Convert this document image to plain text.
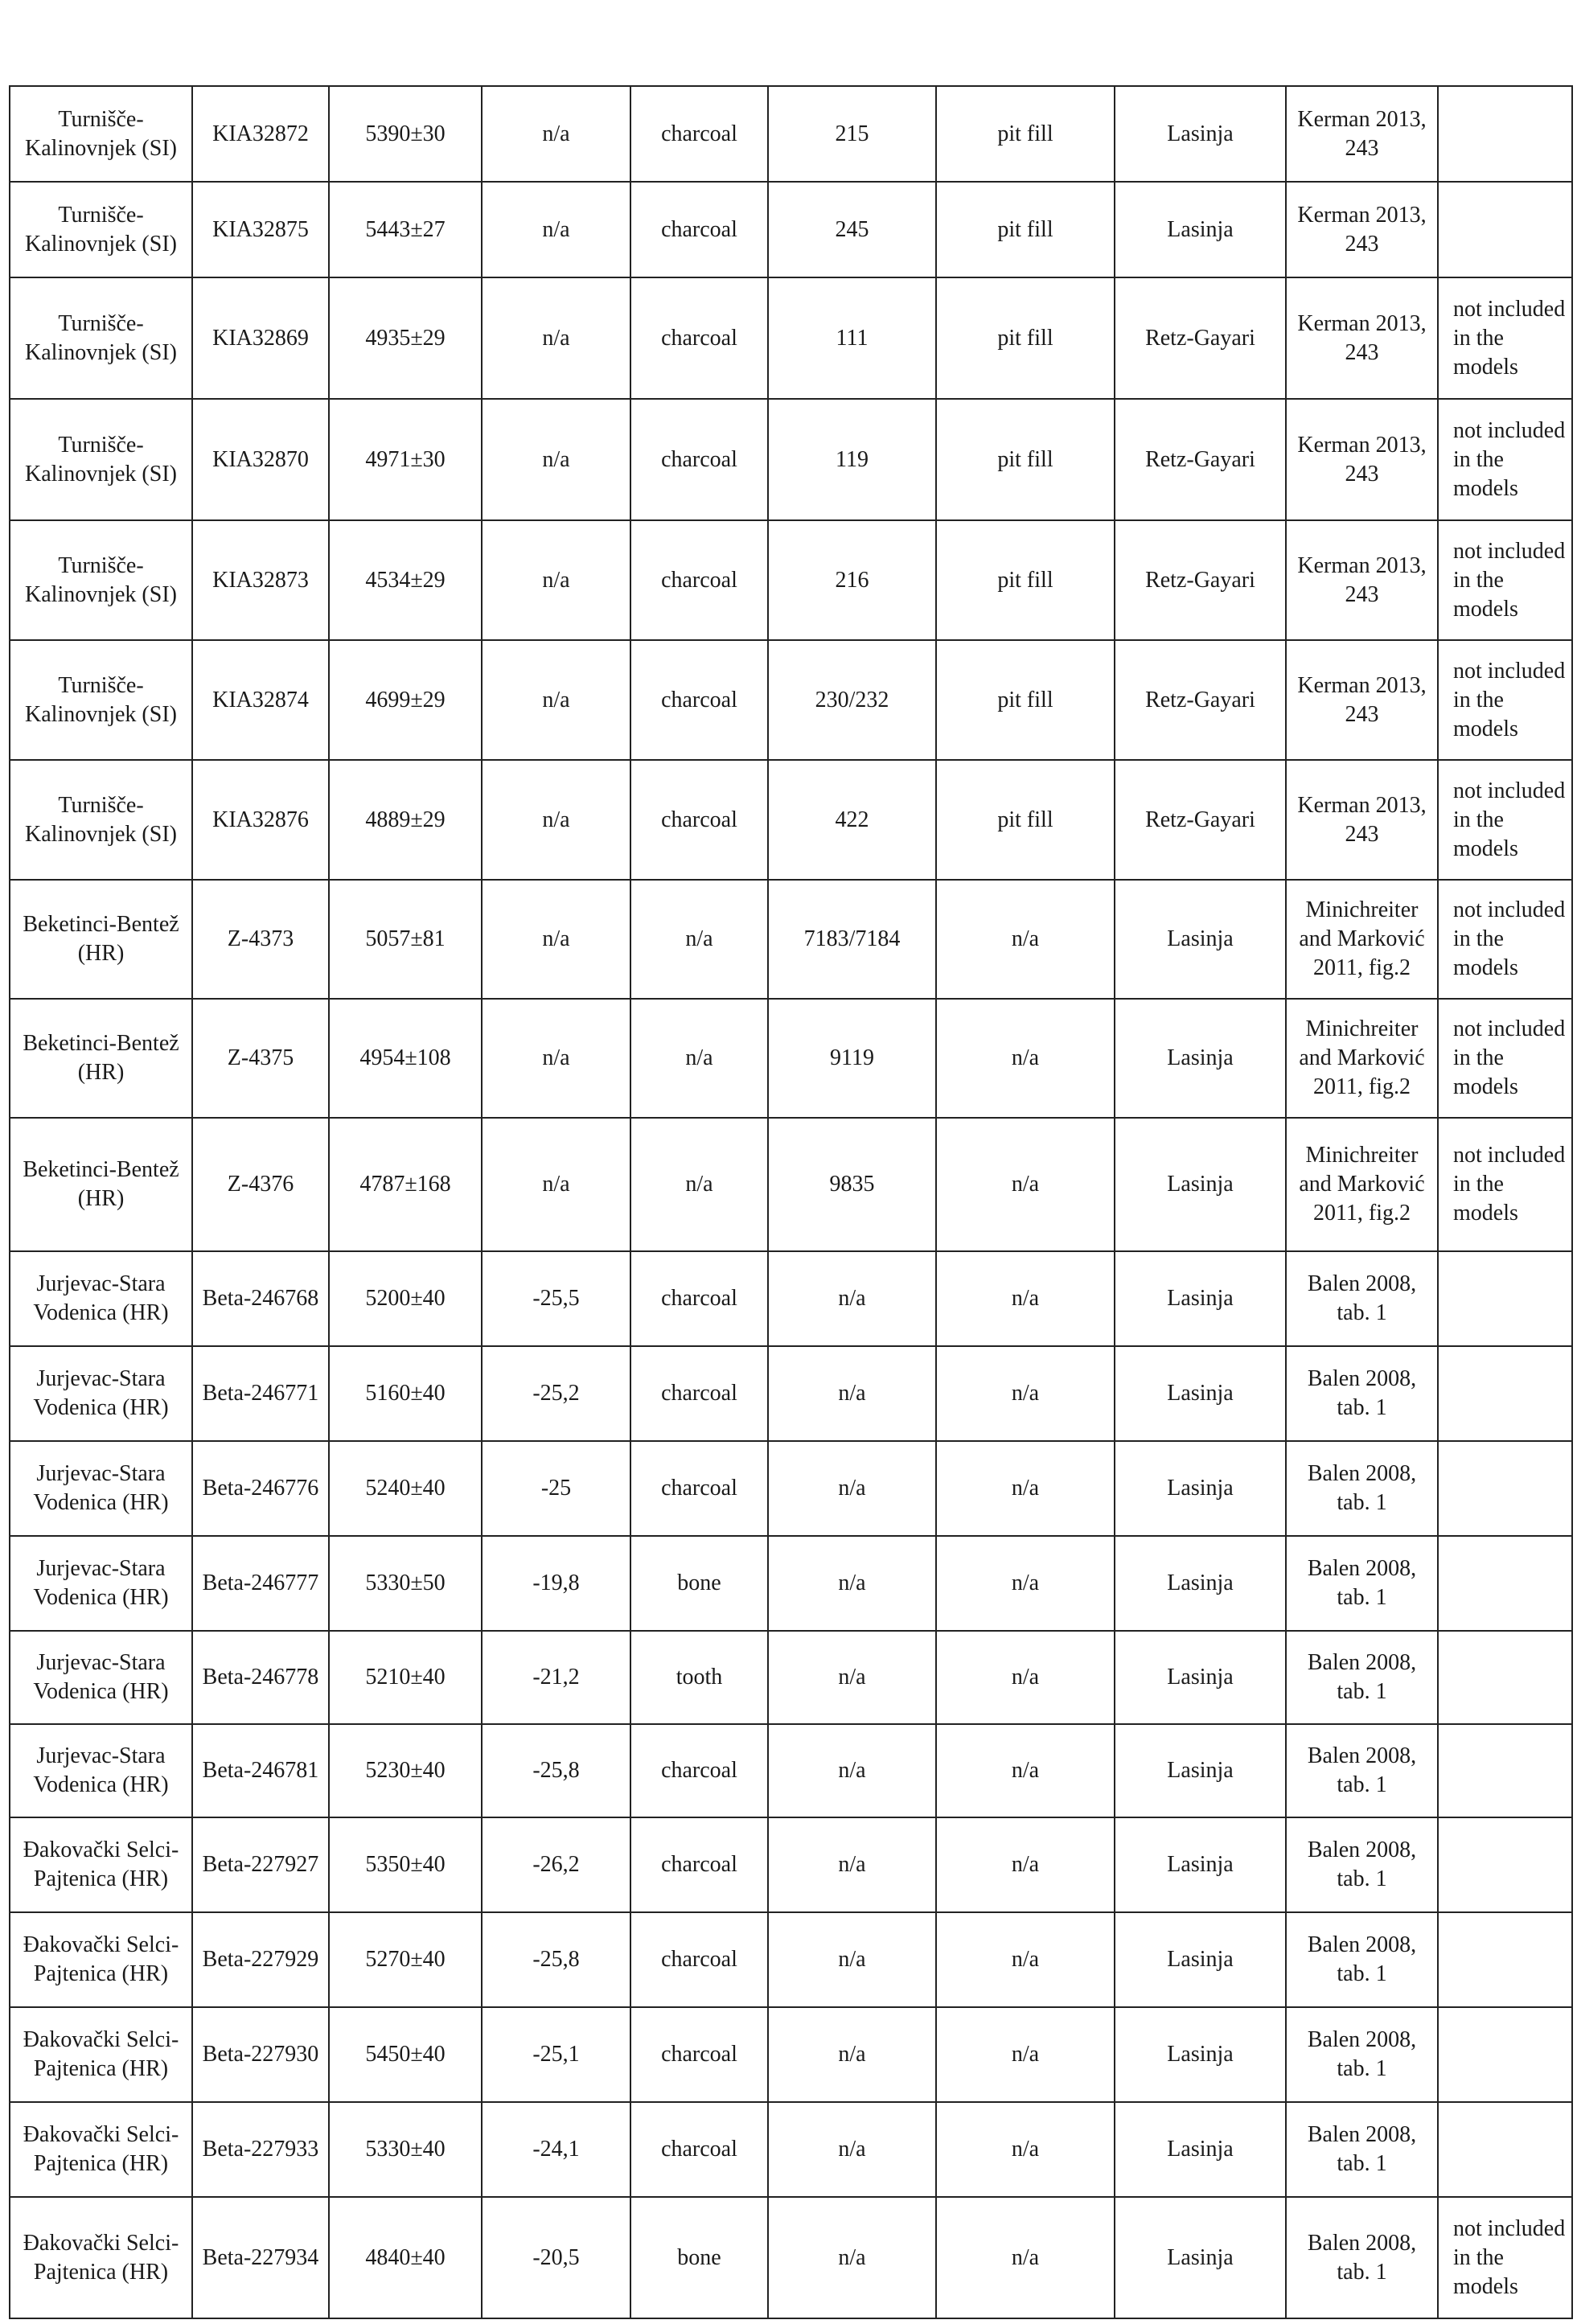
Turnišče-Kalinovnjek (SI)	KIA32872	5390±30	n/a	charcoal	215	pit fill	Lasinja	Kerman 2013, 243	
Turnišče-Kalinovnjek (SI)	KIA32875	5443±27	n/a	charcoal	245	pit fill	Lasinja	Kerman 2013, 243	
Turnišče-Kalinovnjek (SI)	KIA32869	4935±29	n/a	charcoal	111	pit fill	Retz-Gayari	Kerman 2013, 243	not included in the models
Turnišče-Kalinovnjek (SI)	KIA32870	4971±30	n/a	charcoal	119	pit fill	Retz-Gayari	Kerman 2013, 243	not included in the models
Turnišče-Kalinovnjek (SI)	KIA32873	4534±29	n/a	charcoal	216	pit fill	Retz-Gayari	Kerman 2013, 243	not included in the models
Turnišče-Kalinovnjek (SI)	KIA32874	4699±29	n/a	charcoal	230/232	pit fill	Retz-Gayari	Kerman 2013, 243	not included in the models
Turnišče-Kalinovnjek (SI)	KIA32876	4889±29	n/a	charcoal	422	pit fill	Retz-Gayari	Kerman 2013, 243	not included in the models
Beketinci-Bentež (HR)	Z-4373	5057±81	n/a	n/a	7183/7184	n/a	Lasinja	Minichreiter and Marković 2011, fig.2	not included in the models
Beketinci-Bentež (HR)	Z-4375	4954±108	n/a	n/a	9119	n/a	Lasinja	Minichreiter and Marković 2011, fig.2	not included in the models
Beketinci-Bentež (HR)	Z-4376	4787±168	n/a	n/a	9835	n/a	Lasinja	Minichreiter and Marković 2011, fig.2	not included in the models
Jurjevac-Stara Vodenica (HR)	Beta-246768	5200±40	-25,5	charcoal	n/a	n/a	Lasinja	Balen 2008, tab. 1	
Jurjevac-Stara Vodenica (HR)	Beta-246771	5160±40	-25,2	charcoal	n/a	n/a	Lasinja	Balen 2008, tab. 1	
Jurjevac-Stara Vodenica (HR)	Beta-246776	5240±40	-25	charcoal	n/a	n/a	Lasinja	Balen 2008, tab. 1	
Jurjevac-Stara Vodenica (HR)	Beta-246777	5330±50	-19,8	bone	n/a	n/a	Lasinja	Balen 2008, tab. 1	
Jurjevac-Stara Vodenica (HR)	Beta-246778	5210±40	-21,2	tooth	n/a	n/a	Lasinja	Balen 2008, tab. 1	
Jurjevac-Stara Vodenica (HR)	Beta-246781	5230±40	-25,8	charcoal	n/a	n/a	Lasinja	Balen 2008, tab. 1	
Đakovački Selci-Pajtenica (HR)	Beta-227927	5350±40	-26,2	charcoal	n/a	n/a	Lasinja	Balen 2008, tab. 1	
Đakovački Selci-Pajtenica (HR)	Beta-227929	5270±40	-25,8	charcoal	n/a	n/a	Lasinja	Balen 2008, tab. 1	
Đakovački Selci-Pajtenica (HR)	Beta-227930	5450±40	-25,1	charcoal	n/a	n/a	Lasinja	Balen 2008, tab. 1	
Đakovački Selci-Pajtenica (HR)	Beta-227933	5330±40	-24,1	charcoal	n/a	n/a	Lasinja	Balen 2008, tab. 1	
Đakovački Selci-Pajtenica (HR)	Beta-227934	4840±40	-20,5	bone	n/a	n/a	Lasinja	Balen 2008, tab. 1	not included in the models
